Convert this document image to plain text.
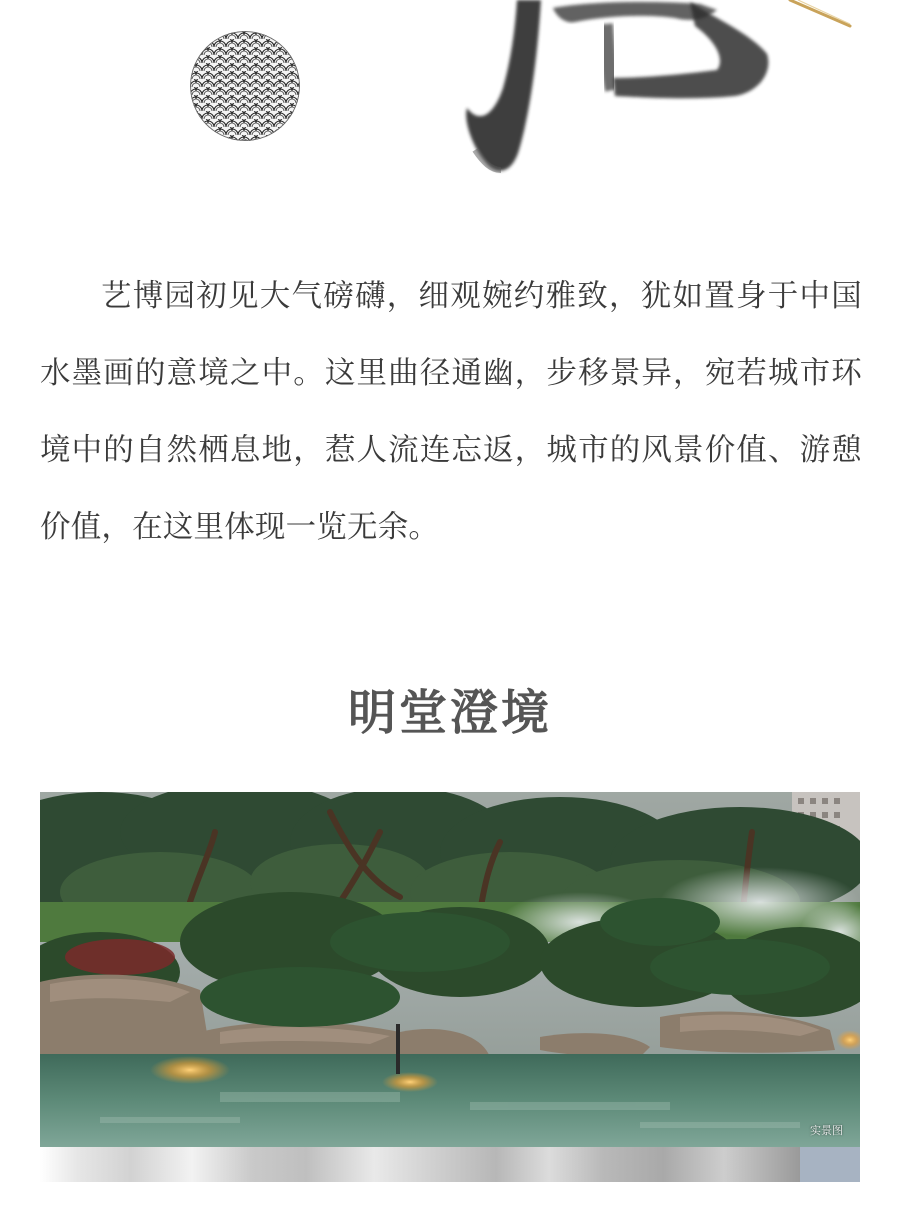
艺博园初见大气磅礴，细观婉约雅致，犹如置身于中国水墨画的意境之中。这里曲径通幽，步移景异，宛若城市环境中的自然栖息地，惹人流连忘返，城市的风景价值、游憩价值，在这里体现一览无余。

明堂澄境
实景图
